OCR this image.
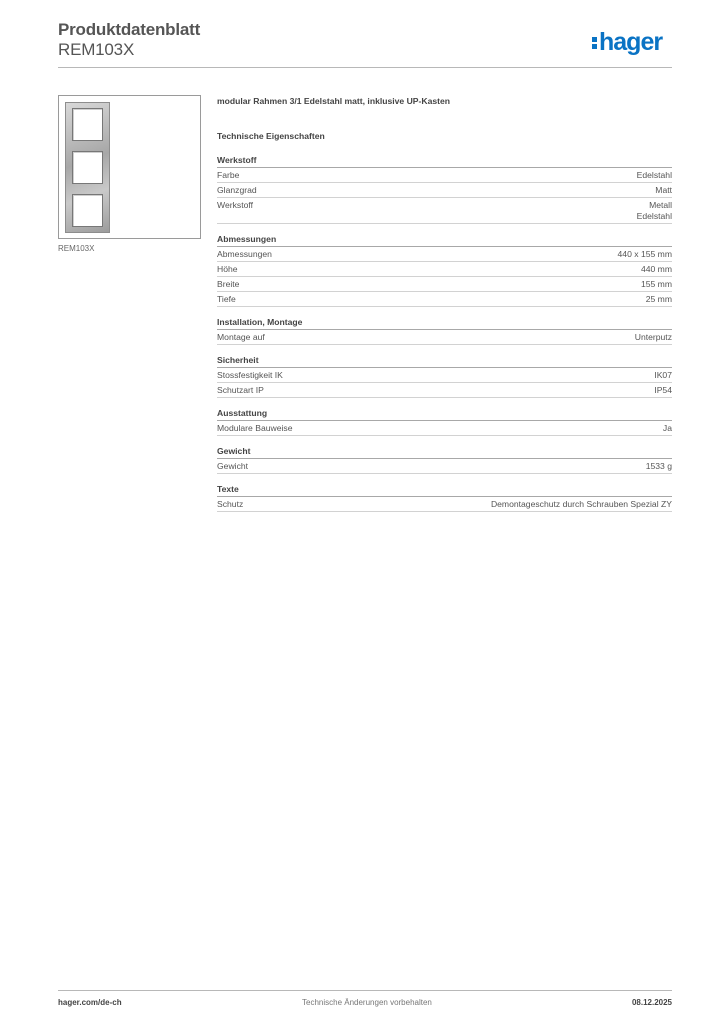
Produktdatenblatt
REM103X	hager
REM103X
modular Rahmen 3/1 Edelstahl matt, inklusive UP-Kasten
Technische Eigenschaften
Werkstoff
Farbe	Edelstahl
Glanzgrad	Matt
Werkstoff	Metall
Edelstahl
Abmessungen
Abmessungen	440 x 155 mm
Höhe	440 mm
Breite	155 mm
Tiefe	25 mm
Installation, Montage
Montage auf	Unterputz
Sicherheit
Stossfestigkeit IK	IK07
Schutzart IP	IP54
Ausstattung
Modulare Bauweise	Ja
Gewicht
Gewicht	1533 g
Texte
Schutz	Demontageschutz durch Schrauben Spezial ZY
hager.com/de-ch	Technische Änderungen vorbehalten	08.12.2025
